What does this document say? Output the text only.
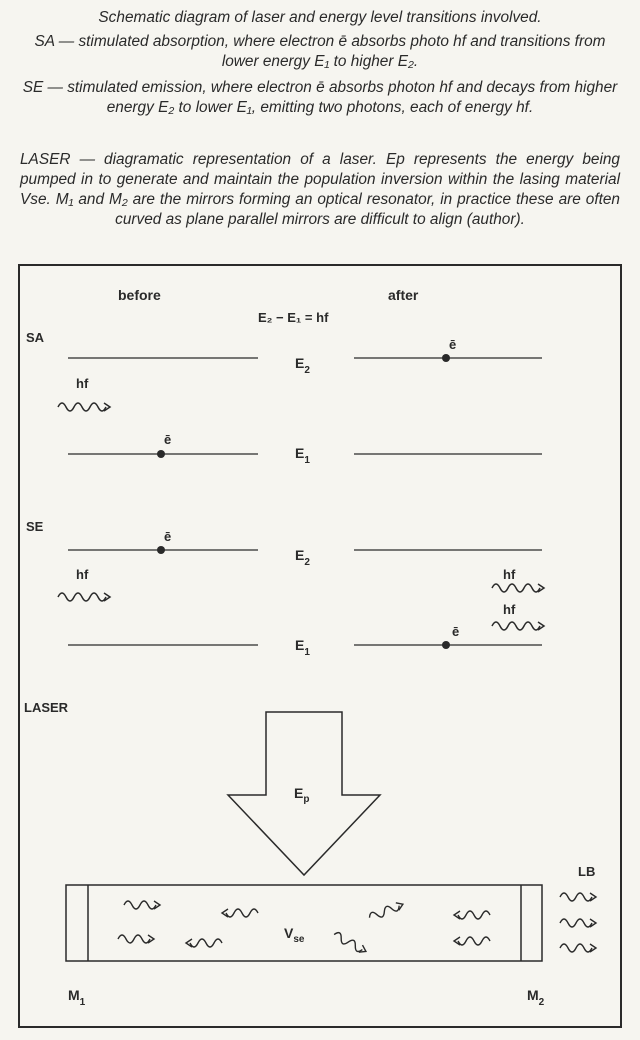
Schematic diagram of laser and energy level transitions involved.

SA — stimulated absorption, where electron ē absorbs photo hf and transitions from lower energy E₁ to higher E₂.

SE — stimulated emission, where electron ē absorbs photon hf and decays from higher energy E₂ to lower E₁, emitting two photons, each of energy hf.

LASER — diagramatic representation of a laser. Ep represents the energy being pumped in to generate and maintain the population inversion within the lasing material Vse. M₁ and M₂ are the mirrors forming an optical resonator, in practice these are often curved as plane parallel mirrors are difficult to align (author).

before	after
E₂ − E₁ = hf
SA
$E_2$
$E_1$
ē
ē
hf
SE
$E_2$
$E_1$
ē
ē
hf	hf
hf
LASER
$E_p$
$V_{se}$
LB
$M_1$	$M_2$
